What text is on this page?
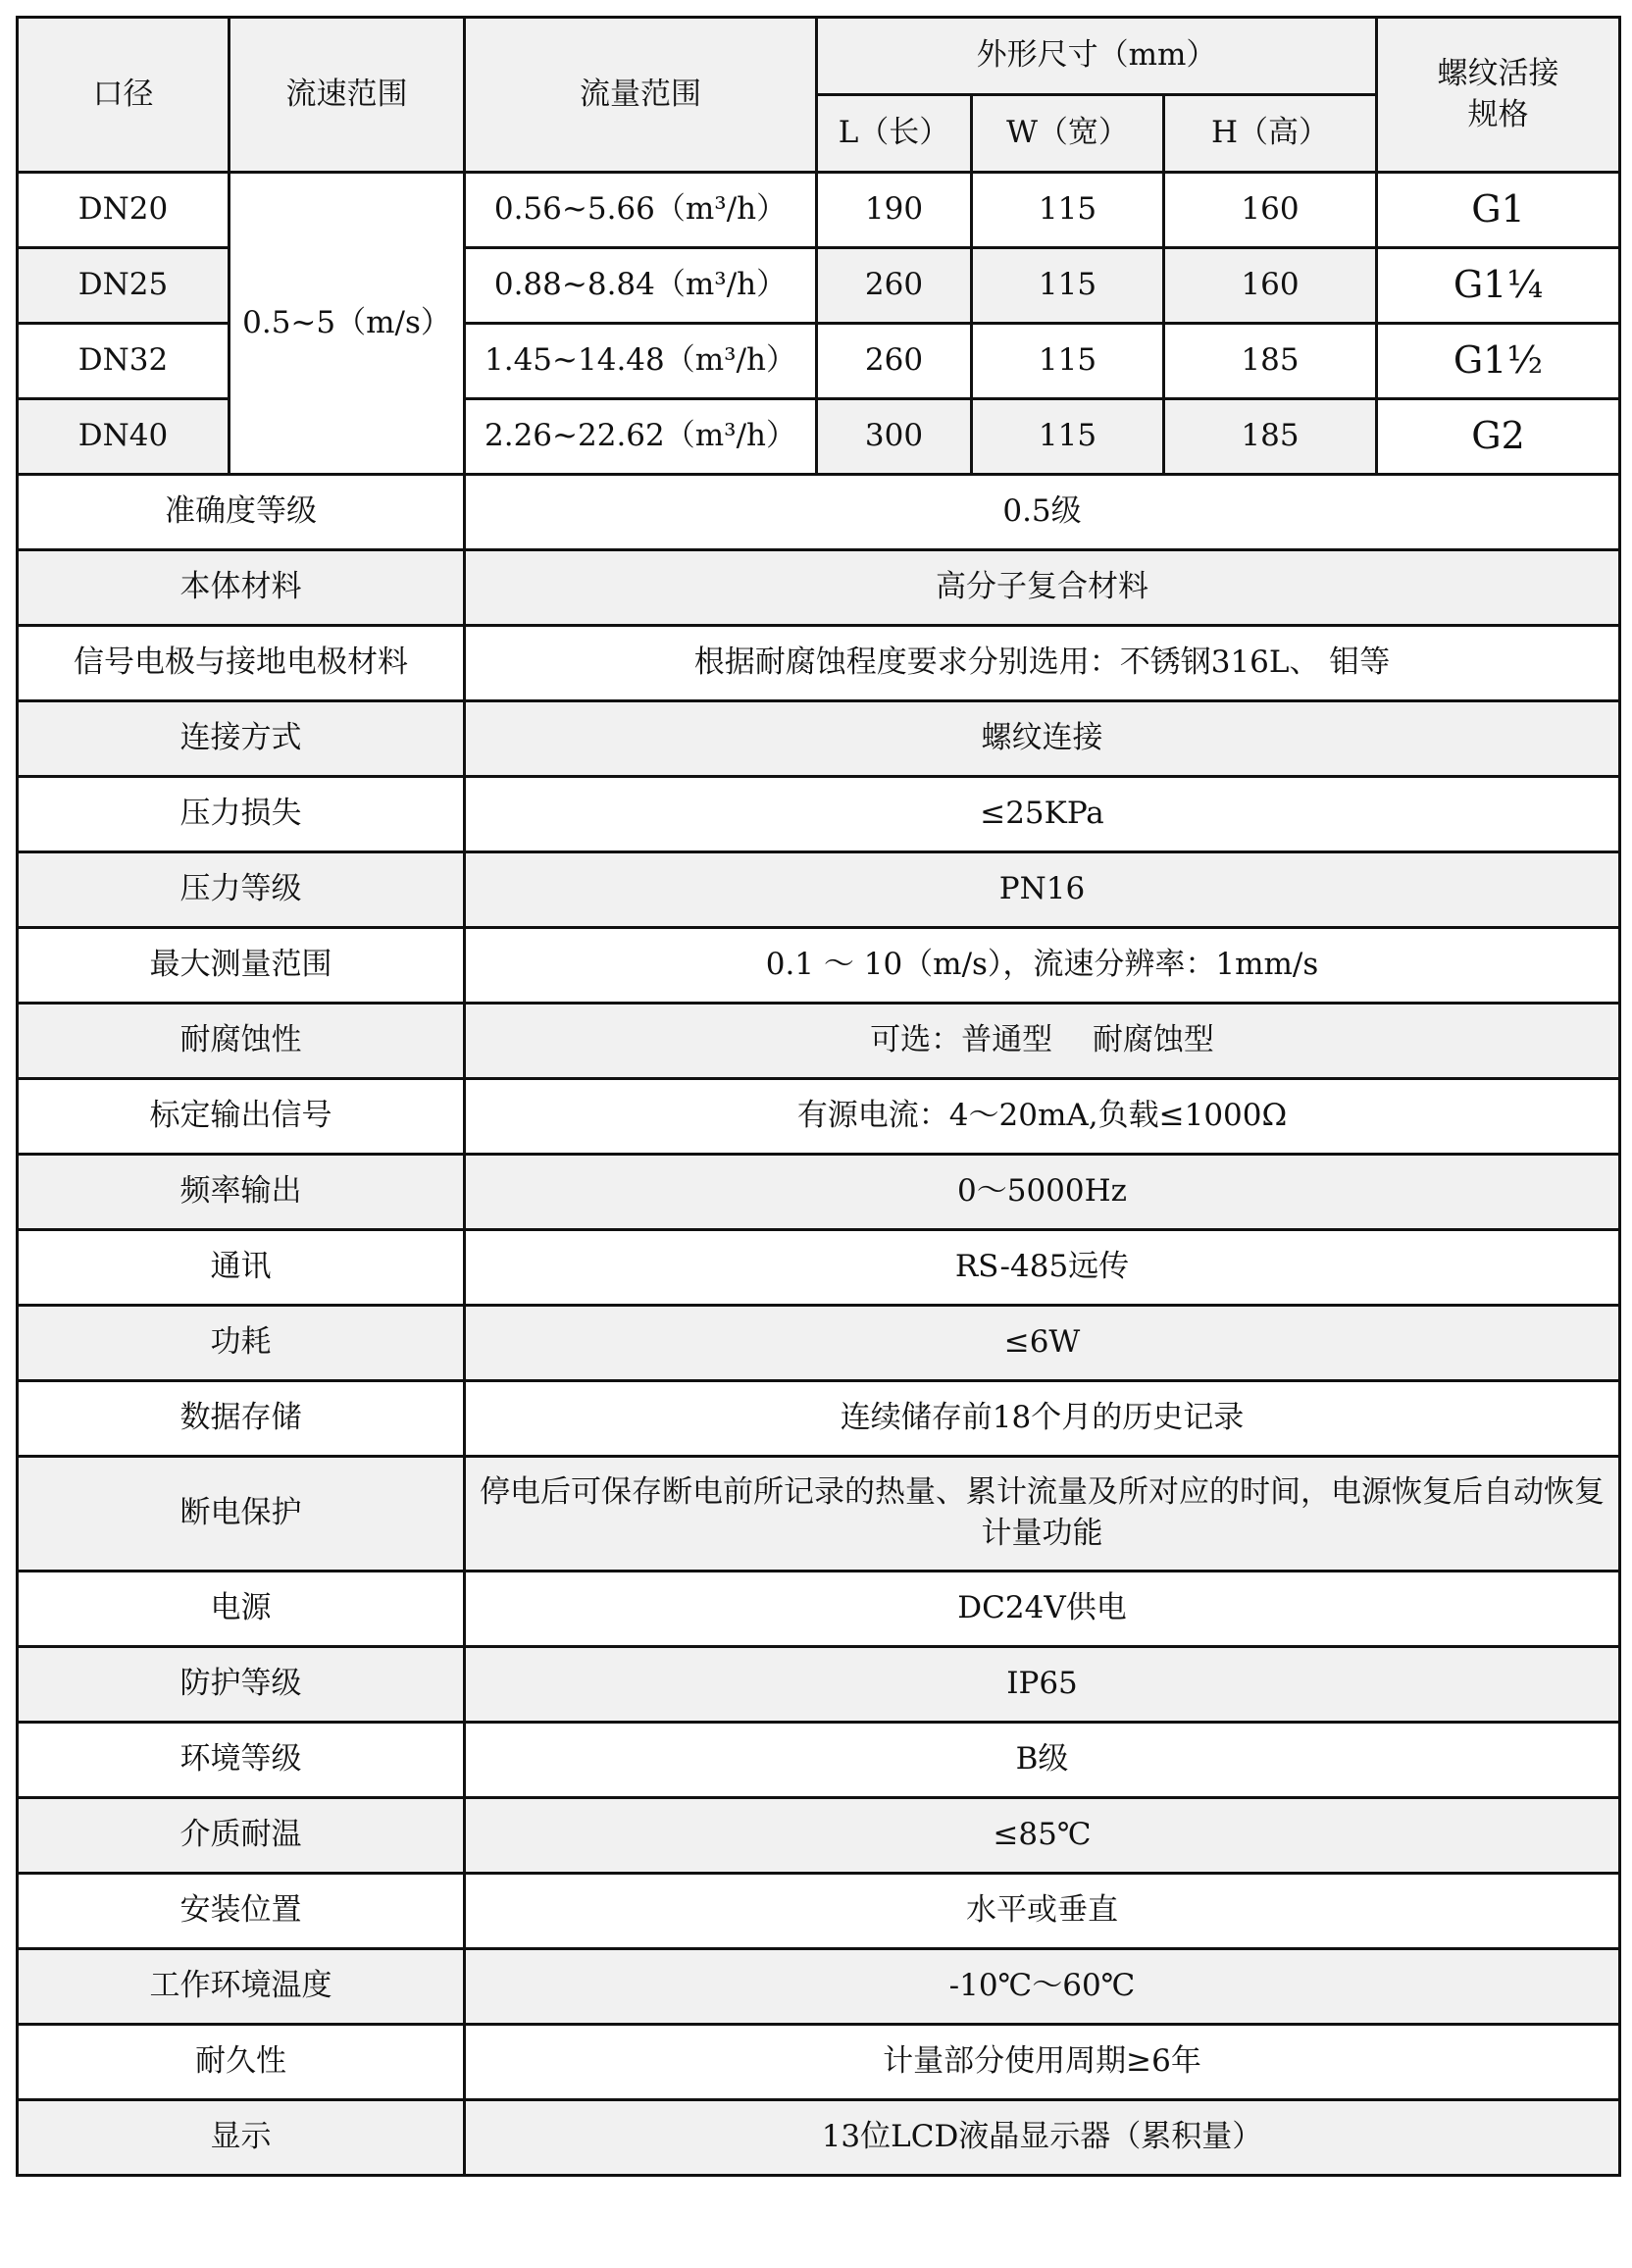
口径	流速范围	流量范围	外形尺寸（mm）			螺纹活接规格
			L（长）	W（宽）	H（高）	
DN20	0.5~5（m/s）	0.56~5.66（m³/h）	190	115	160	G1
DN25		0.88~8.84（m³/h）	260	115	160	G1¼
DN32		1.45~14.48（m³/h）	260	115	185	G1½
DN40		2.26~22.62（m³/h）	300	115	185	G2
准确度等级		0.5级				
本体材料		高分子复合材料				
信号电极与接地电极材料		根据耐腐蚀程度要求分别选用：不锈钢316L、 钼等				
连接方式		螺纹连接				
压力损失		≤25KPa				
压力等级		PN16				
最大测量范围		0.1 ～ 10（m/s），流速分辨率：1mm/s				
耐腐蚀性		可选：普通型　 耐腐蚀型				
标定输出信号		有源电流：4～20mA,负载≤1000Ω				
频率输出		0～5000Hz				
通讯		RS-485远传				
功耗		≤6W				
数据存储		连续储存前18个月的历史记录				
断电保护		停电后可保存断电前所记录的热量、累计流量及所对应的时间，电源恢复后自动恢复计量功能				
电源		DC24V供电				
防护等级		IP65				
环境等级		B级				
介质耐温		≤85℃				
安装位置		水平或垂直				
工作环境温度		-10℃～60℃				
耐久性		计量部分使用周期≥6年				
显示		13位LCD液晶显示器（累积量）				
